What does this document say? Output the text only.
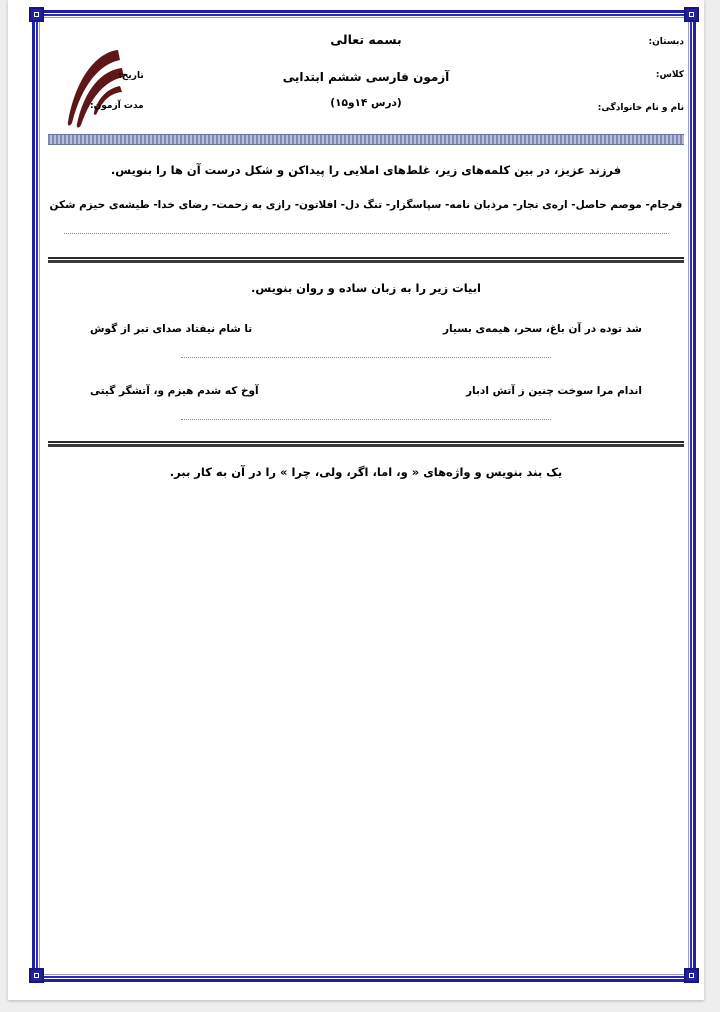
بسمه تعالی
آزمون فارسی ششم ابتدایی
(درس ۱۴و۱۵)
دبستان:
کلاس:
نام و نام خانوادگی:
تاریخ:
مدت آزمون:
فرزند عزیز، در بین کلمه‌های زیر، غلط‌های املایی را پیداکن و شکل درست آن ها را بنویس.
فرجام- موصم حاصل- اره‌ی نجار- مرذبان نامه- سپاسگزار- تنگ دل- افلاتون- رازی به زحمت- رضای خدا- طیشه‌ی حیزم شکن
ابیات زیر را به زبان ساده و روان بنویس.
شد توده در آن باغ، سحر، هیمه‌ی بسیار
تا شام نیفتاد صدای تبر از گوش
اندام مرا سوخت چنین ز آتش ادبار
آوخ که شدم هیزم و، آتشگر گیتی
یک بند بنویس و واژه‌های « و، اما، اگر، ولی، چرا » را در آن به کار ببر.
